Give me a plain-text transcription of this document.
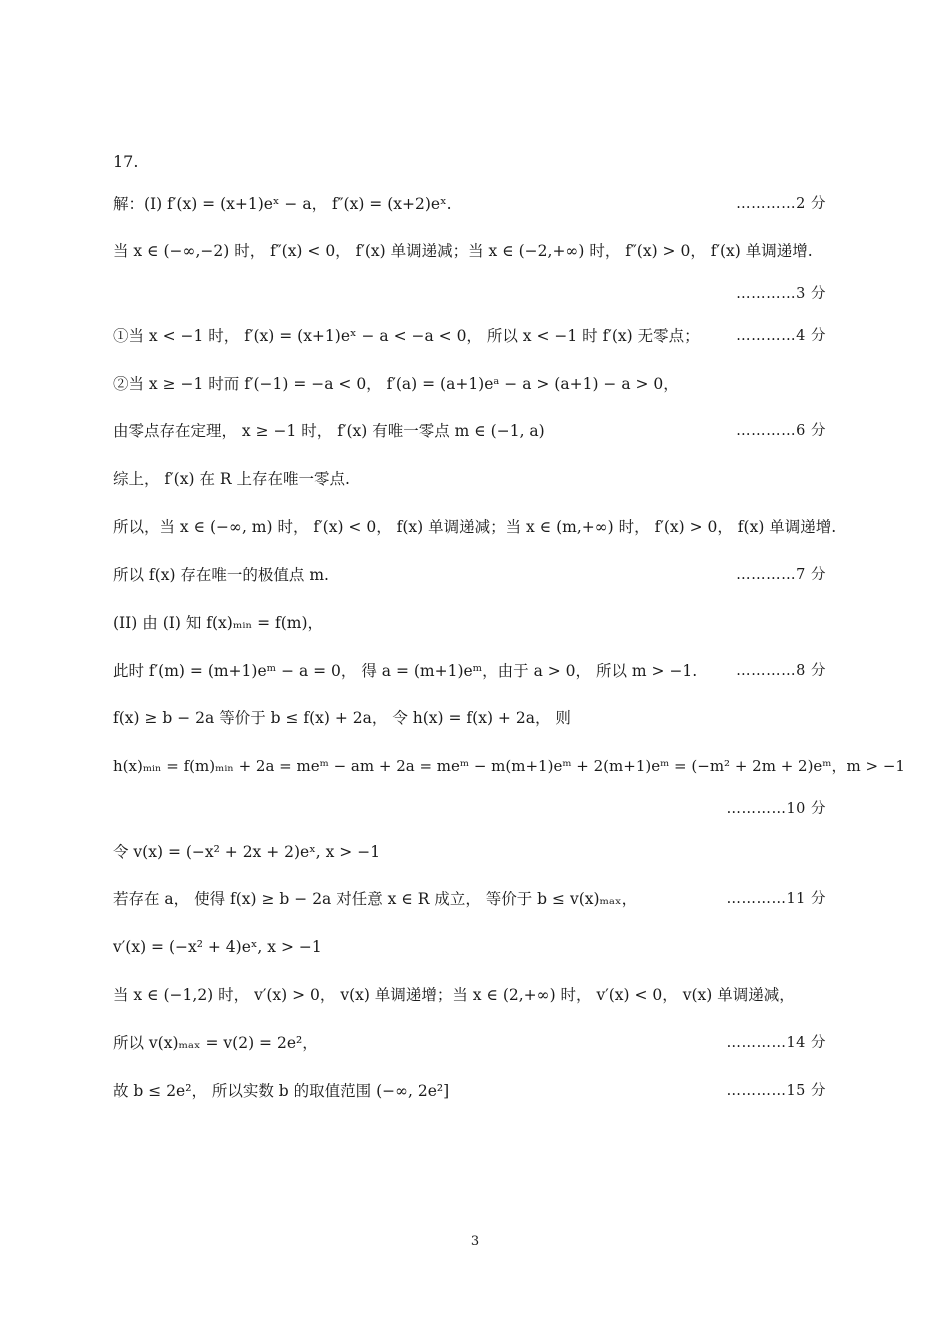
17.
解：(I) f′(x) = (x+1)eˣ − a， f″(x) = (x+2)eˣ.	…………2 分
当 x ∈ (−∞,−2) 时， f″(x) < 0， f′(x) 单调递减；当 x ∈ (−2,+∞) 时， f″(x) > 0， f′(x) 单调递增.
…………3 分
①当 x < −1 时， f′(x) = (x+1)eˣ − a < −a < 0， 所以 x < −1 时 f′(x) 无零点；	…………4 分
②当 x ≥ −1 时而 f′(−1) = −a < 0， f′(a) = (a+1)eᵃ − a > (a+1) − a > 0，
由零点存在定理， x ≥ −1 时， f′(x) 有唯一零点 m ∈ (−1, a)	…………6 分
综上， f′(x) 在 R 上存在唯一零点.
所以，当 x ∈ (−∞, m) 时， f′(x) < 0， f(x) 单调递减；当 x ∈ (m,+∞) 时， f′(x) > 0， f(x) 单调递增.
所以 f(x) 存在唯一的极值点 m.	…………7 分
(II) 由 (I) 知 f(x)ₘᵢₙ = f(m)，
此时 f′(m) = (m+1)eᵐ − a = 0， 得 a = (m+1)eᵐ，由于 a > 0， 所以 m > −1.	…………8 分
f(x) ≥ b − 2a 等价于 b ≤ f(x) + 2a， 令 h(x) = f(x) + 2a， 则
h(x)ₘᵢₙ = f(m)ₘᵢₙ + 2a = meᵐ − am + 2a = meᵐ − m(m+1)eᵐ + 2(m+1)eᵐ = (−m² + 2m + 2)eᵐ，m > −1
…………10 分
令 v(x) = (−x² + 2x + 2)eˣ, x > −1
若存在 a， 使得 f(x) ≥ b − 2a 对任意 x ∈ R 成立， 等价于 b ≤ v(x)ₘₐₓ，	…………11 分
v′(x) = (−x² + 4)eˣ, x > −1
当 x ∈ (−1,2) 时， v′(x) > 0， v(x) 单调递增；当 x ∈ (2,+∞) 时， v′(x) < 0， v(x) 单调递减，
所以 v(x)ₘₐₓ = v(2) = 2e²，	…………14 分
故 b ≤ 2e²， 所以实数 b 的取值范围 (−∞, 2e²]	…………15 分
3
